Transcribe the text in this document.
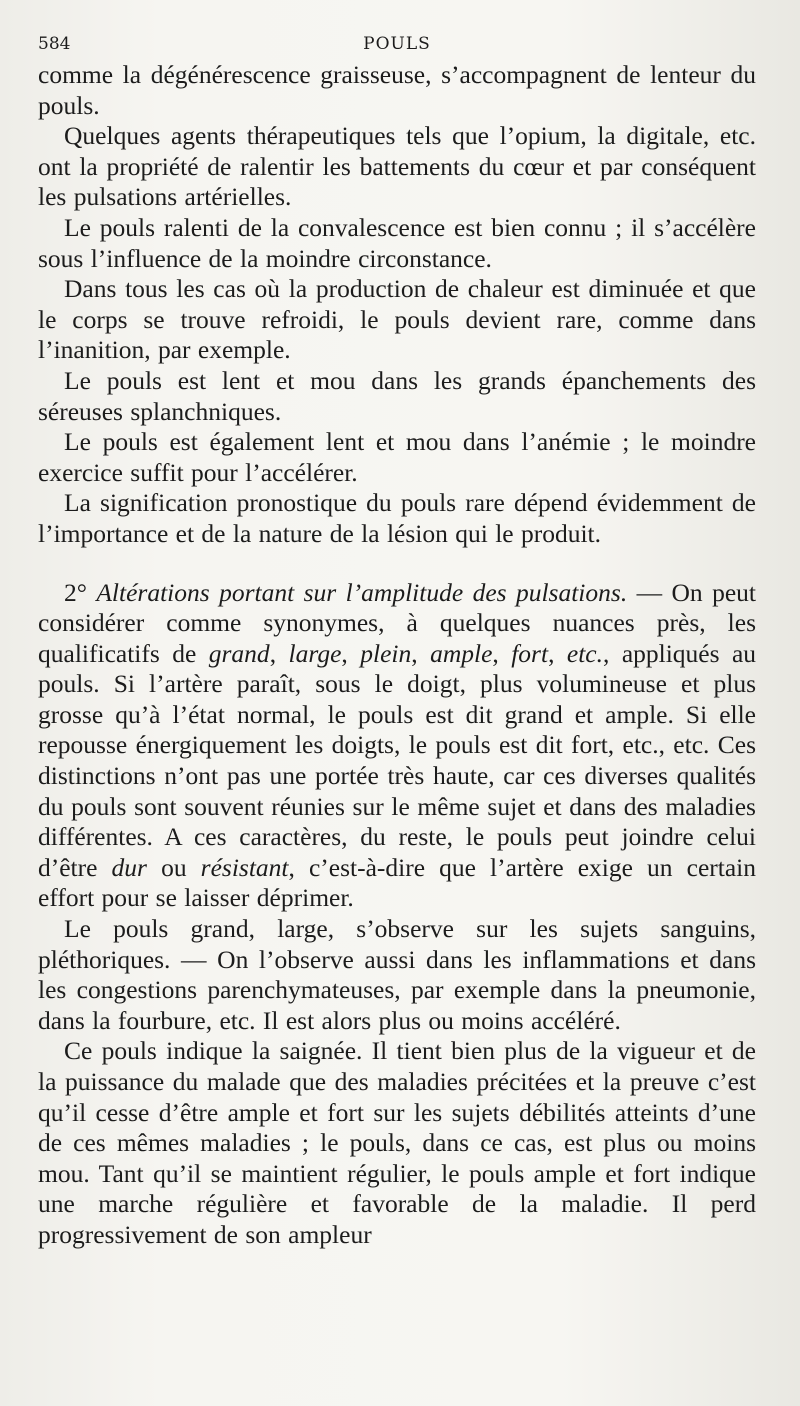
584	POULS

comme la dégénérescence graisseuse, s’accompagnent de lenteur du pouls.

Quelques agents thérapeutiques tels que l’opium, la digitale, etc. ont la propriété de ralentir les battements du cœur et par conséquent les pulsations artérielles.

Le pouls ralenti de la convalescence est bien connu ; il s’accélère sous l’influence de la moindre circonstance.

Dans tous les cas où la production de chaleur est diminuée et que le corps se trouve refroidi, le pouls devient rare, comme dans l’inanition, par exemple.

Le pouls est lent et mou dans les grands épanchements des séreuses splanchniques.

Le pouls est également lent et mou dans l’anémie ; le moindre exercice suffit pour l’accélérer.

La signification pronostique du pouls rare dépend évidemment de l’importance et de la nature de la lésion qui le produit.

2° Altérations portant sur l’amplitude des pulsations. — On peut considérer comme synonymes, à quelques nuances près, les qualificatifs de grand, large, plein, ample, fort, etc., appliqués au pouls. Si l’artère paraît, sous le doigt, plus volumineuse et plus grosse qu’à l’état normal, le pouls est dit grand et ample. Si elle repousse énergiquement les doigts, le pouls est dit fort, etc., etc. Ces distinctions n’ont pas une portée très haute, car ces diverses qualités du pouls sont souvent réunies sur le même sujet et dans des maladies différentes. A ces caractères, du reste, le pouls peut joindre celui d’être dur ou résistant, c’est-à-dire que l’artère exige un certain effort pour se laisser déprimer.

Le pouls grand, large, s’observe sur les sujets sanguins, pléthoriques. — On l’observe aussi dans les inflammations et dans les congestions parenchymateuses, par exemple dans la pneumonie, dans la fourbure, etc. Il est alors plus ou moins accéléré.

Ce pouls indique la saignée. Il tient bien plus de la vigueur et de la puissance du malade que des maladies précitées et la preuve c’est qu’il cesse d’être ample et fort sur les sujets débilités atteints d’une de ces mêmes maladies ; le pouls, dans ce cas, est plus ou moins mou. Tant qu’il se maintient régulier, le pouls ample et fort indique une marche régulière et favorable de la maladie. Il perd progressivement de son ampleur
